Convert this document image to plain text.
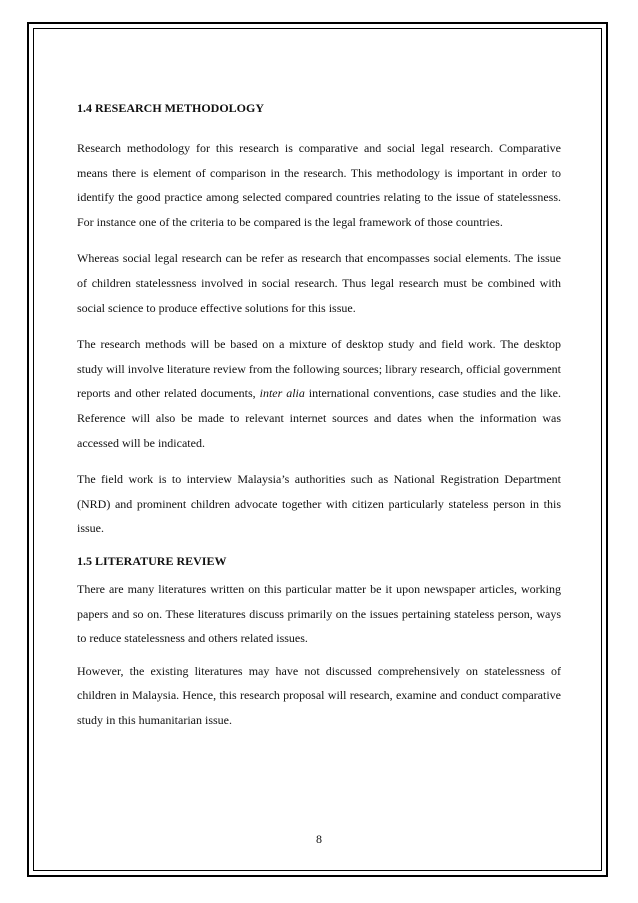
1.4 RESEARCH METHODOLOGY

Research methodology for this research is comparative and social legal research. Comparative means there is element of comparison in the research. This methodology is important in order to identify the good practice among selected compared countries relating to the issue of statelessness. For instance one of the criteria to be compared is the legal framework of those countries.

Whereas social legal research can be refer as research that encompasses social elements. The issue of children statelessness involved in social research. Thus legal research must be combined with social science to produce effective solutions for this issue.

The research methods will be based on a mixture of desktop study and field work. The desktop study will involve literature review from the following sources; library research, official government reports and other related documents, inter alia international conventions, case studies and the like. Reference will also be made to relevant internet sources and dates when the information was accessed will be indicated.

The field work is to interview Malaysia’s authorities such as National Registration Department (NRD) and prominent children advocate together with citizen particularly stateless person in this issue.

1.5 LITERATURE REVIEW

There are many literatures written on this particular matter be it upon newspaper articles, working papers and so on. These literatures discuss primarily on the issues pertaining stateless person, ways to reduce statelessness and others related issues.

However, the existing literatures may have not discussed comprehensively on statelessness of children in Malaysia. Hence, this research proposal will research, examine and conduct comparative study in this humanitarian issue.

8
